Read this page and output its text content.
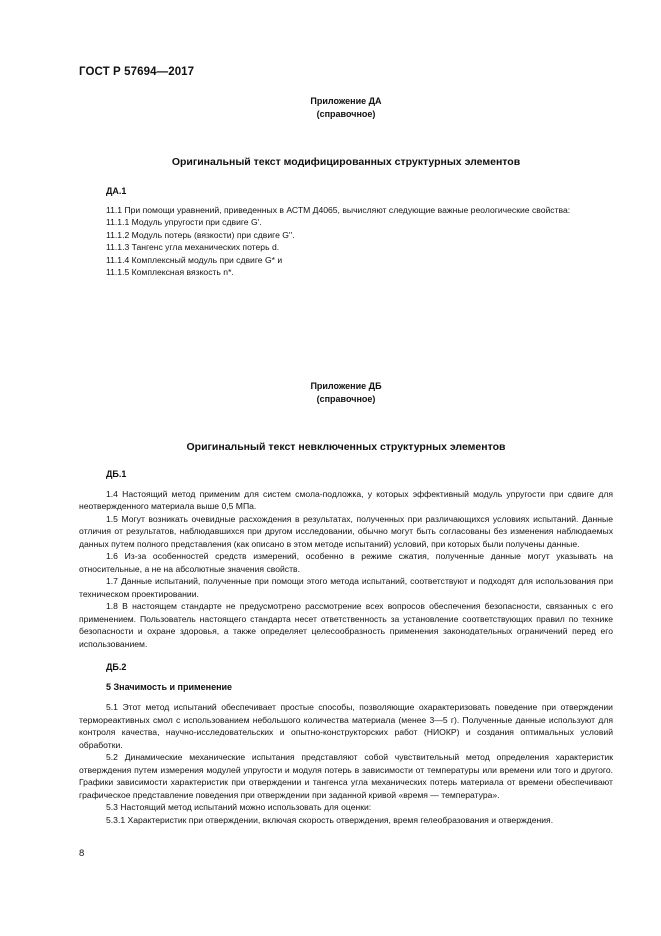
ГОСТ Р 57694—2017
Приложение ДА
(справочное)
Оригинальный текст модифицированных структурных элементов
ДА.1

11.1 При помощи уравнений, приведенных в АСТМ Д4065, вычисляют следующие важные реологические свойства:

11.1.1 Модуль упругости при сдвиге G'.

11.1.2 Модуль потерь (вязкости) при сдвиге G''.

11.1.3 Тангенс угла механических потерь d.

11.1.4 Комплексный модуль при сдвиге G* и

11.1.5 Комплексная вязкость n*.

Приложение ДБ
(справочное)
Оригинальный текст невключенных структурных элементов
ДБ.1

1.4 Настоящий метод применим для систем смола-подложка, у которых эффективный модуль упругости при сдвиге для неотвержденного материала выше 0,5 МПа.

1.5 Могут возникать очевидные расхождения в результатах, полученных при различающихся условиях испытаний. Данные отличия от результатов, наблюдавшихся при другом исследовании, обычно могут быть согласованы без изменения наблюдаемых данных путем полного представления (как описано в этом методе испытаний) условий, при которых были получены данные.

1.6 Из-за особенностей средств измерений, особенно в режиме сжатия, полученные данные могут указывать на относительные, а не на абсолютные значения свойств.

1.7 Данные испытаний, полученные при помощи этого метода испытаний, соответствуют и подходят для использования при техническом проектировании.

1.8 В настоящем стандарте не предусмотрено рассмотрение всех вопросов обеспечения безопасности, связанных с его применением. Пользователь настоящего стандарта несет ответственность за установление соответствующих правил по технике безопасности и охране здоровья, а также определяет целесообразность применения законодательных ограничений перед его использованием.

ДБ.2
5 Значимость и применение

5.1 Этот метод испытаний обеспечивает простые способы, позволяющие охарактеризовать поведение при отверждении термореактивных смол с использованием небольшого количества материала (менее 3—5 г). Полученные данные используют для контроля качества, научно-исследовательских и опытно-конструкторских работ (НИОКР) и создания оптимальных условий обработки.

5.2 Динамические механические испытания представляют собой чувствительный метод определения характеристик отверждения путем измерения модулей упругости и модуля потерь в зависимости от температуры или времени или того и другого. Графики зависимости характеристик при отверждении и тангенса угла механических потерь материала от времени обеспечивают графическое представление поведения при отверждении при заданной кривой «время — температура».

5.3 Настоящий метод испытаний можно использовать для оценки:

5.3.1 Характеристик при отверждении, включая скорость отверждения, время гелеобразования и отверждения.

8
